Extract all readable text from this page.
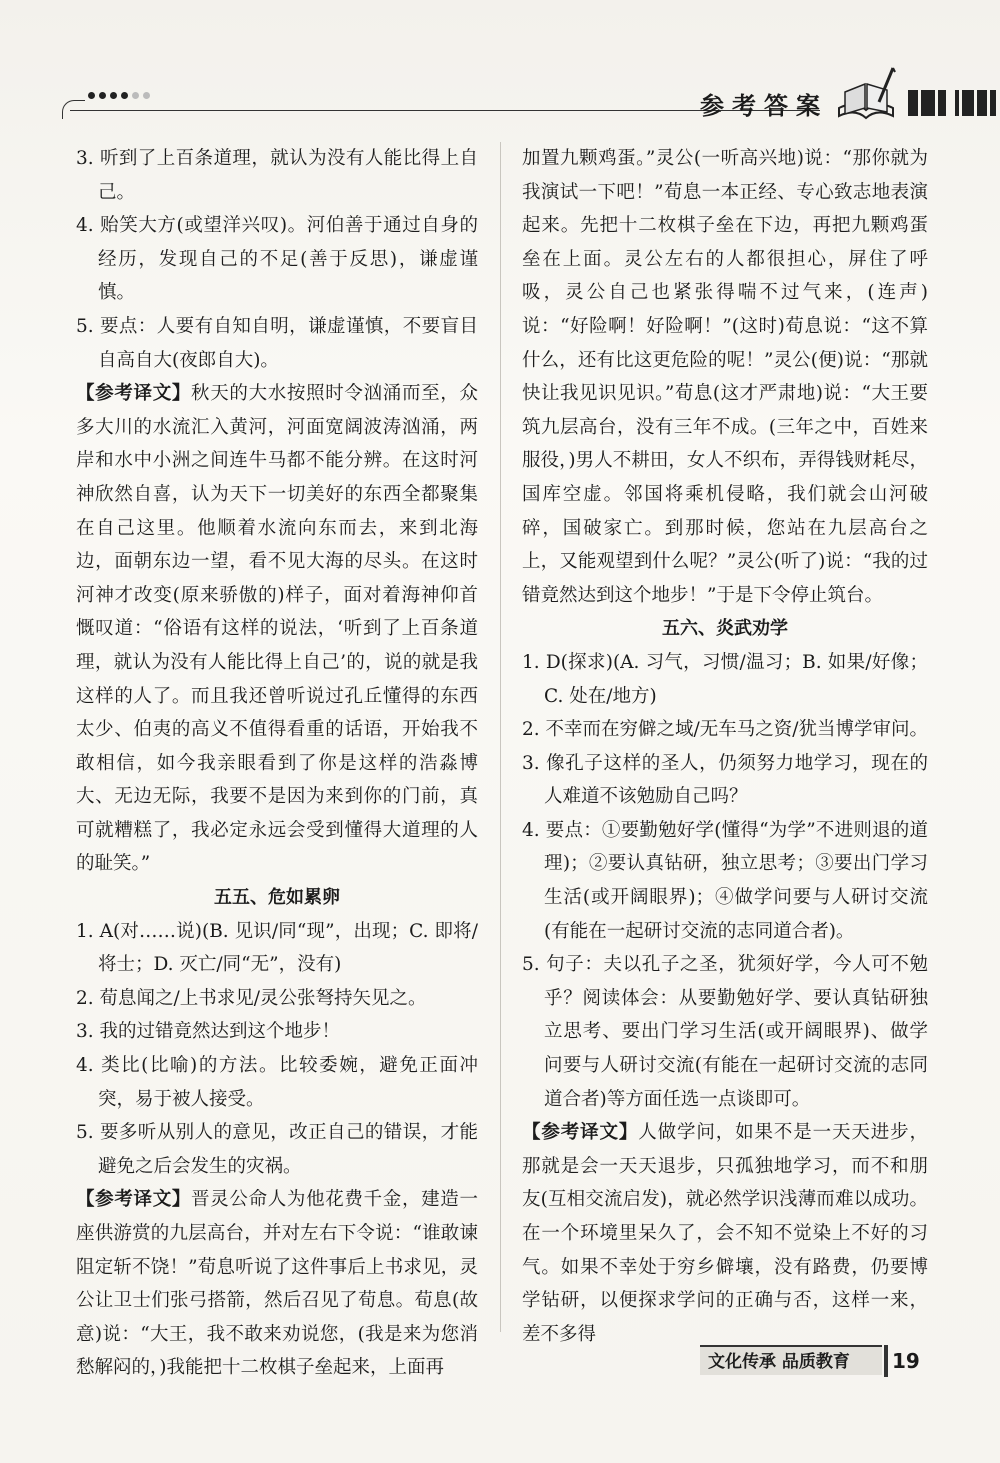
参考答案

3. 听到了上百条道理，就认为没有人能比得上自己。

4. 贻笑大方(或望洋兴叹)。河伯善于通过自身的经历，发现自己的不足(善于反思)，谦虚谨慎。

5. 要点：人要有自知自明，谦虚谨慎，不要盲目自高自大(夜郎自大)。

【参考译文】秋天的大水按照时令汹涌而至，众多大川的水流汇入黄河，河面宽阔波涛汹涌，两岸和水中小洲之间连牛马都不能分辨。在这时河神欣然自喜，认为天下一切美好的东西全都聚集在自己这里。他顺着水流向东而去，来到北海边，面朝东边一望，看不见大海的尽头。在这时河神才改变(原来骄傲的)样子，面对着海神仰首慨叹道：“俗语有这样的说法，‘听到了上百条道理，就认为没有人能比得上自己’的，说的就是我这样的人了。而且我还曾听说过孔丘懂得的东西太少、伯夷的高义不值得看重的话语，开始我不敢相信，如今我亲眼看到了你是这样的浩淼博大、无边无际，我要不是因为来到你的门前，真可就糟糕了，我必定永远会受到懂得大道理的人的耻笑。”

五五、危如累卵

1. A(对……说)(B. 见识/同“现”，出现；C. 即将/将士；D. 灭亡/同“无”，没有)

2. 荀息闻之/上书求见/灵公张弩持矢见之。

3. 我的过错竟然达到这个地步！

4. 类比(比喻)的方法。比较委婉，避免正面冲突，易于被人接受。

5. 要多听从别人的意见，改正自己的错误，才能避免之后会发生的灾祸。

【参考译文】晋灵公命人为他花费千金，建造一座供游赏的九层高台，并对左右下令说：“谁敢谏阻定斩不饶！”荀息听说了这件事后上书求见，灵公让卫士们张弓搭箭，然后召见了荀息。荀息(故意)说：“大王，我不敢来劝说您，(我是来为您消愁解闷的，)我能把十二枚棋子垒起来，上面再

加置九颗鸡蛋。”灵公(一听高兴地)说：“那你就为我演试一下吧！”荀息一本正经、专心致志地表演起来。先把十二枚棋子垒在下边，再把九颗鸡蛋垒在上面。灵公左右的人都很担心，屏住了呼吸，灵公自己也紧张得喘不过气来，(连声)说：“好险啊！好险啊！”(这时)荀息说：“这不算什么，还有比这更危险的呢！”灵公(便)说：“那就快让我见识见识。”荀息(这才严肃地)说：“大王要筑九层高台，没有三年不成。(三年之中，百姓来服役，)男人不耕田，女人不织布，弄得钱财耗尽，国库空虚。邻国将乘机侵略，我们就会山河破碎，国破家亡。到那时候，您站在九层高台之上，又能观望到什么呢？”灵公(听了)说：“我的过错竟然达到这个地步！”于是下令停止筑台。

五六、炎武劝学

1. D(探求)(A. 习气，习惯/温习；B. 如果/好像；C. 处在/地方)

2. 不幸而在穷僻之域/无车马之资/犹当博学审问。

3. 像孔子这样的圣人，仍须努力地学习，现在的人难道不该勉励自己吗？

4. 要点：①要勤勉好学(懂得“为学”不进则退的道理)；②要认真钻研，独立思考；③要出门学习生活(或开阔眼界)；④做学问要与人研讨交流(有能在一起研讨交流的志同道合者)。

5. 句子：夫以孔子之圣，犹须好学，今人可不勉乎？阅读体会：从要勤勉好学、要认真钻研独立思考、要出门学习生活(或开阔眼界)、做学问要与人研讨交流(有能在一起研讨交流的志同道合者)等方面任选一点谈即可。

【参考译文】人做学问，如果不是一天天进步，那就是会一天天退步，只孤独地学习，而不和朋友(互相交流启发)，就必然学识浅薄而难以成功。在一个环境里呆久了，会不知不觉染上不好的习气。如果不幸处于穷乡僻壤，没有路费，仍要博学钻研，以便探求学问的正确与否，这样一来，差不多得

文化传承 品质教育	19
